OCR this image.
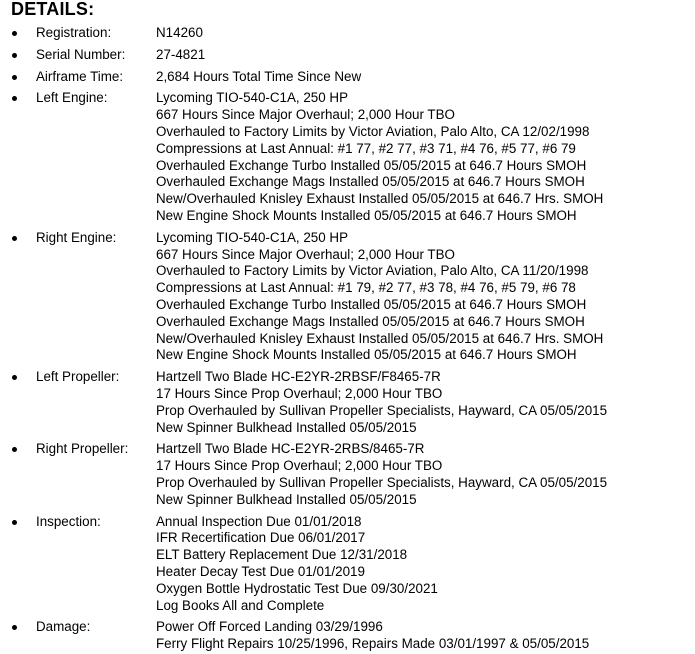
DETAILS:
Registration:	N14260
Serial Number: 27-4821
Airframe Time: 2,684 Hours Total Time Since New
Left Engine:	Lycoming TIO-540-C1A, 250 HP
667 Hours Since Major Overhaul; 2,000 Hour TBO
Overhauled to Factory Limits by Victor Aviation, Palo Alto, CA 12/02/1998
Compressions at Last Annual: #1 77, #2 77, #3 71, #4 76, #5 77, #6 79
Overhauled Exchange Turbo Installed 05/05/2015 at 646.7 Hours SMOH
Overhauled Exchange Mags Installed 05/05/2015 at 646.7 Hours SMOH
New/Overhauled Knisley Exhaust Installed 05/05/2015 at 646.7 Hrs. SMOH
New Engine Shock Mounts Installed 05/05/2015 at 646.7 Hours SMOH
Right Engine:	Lycoming TIO-540-C1A, 250 HP
667 Hours Since Major Overhaul; 2,000 Hour TBO
Overhauled to Factory Limits by Victor Aviation, Palo Alto, CA 11/20/1998
Compressions at Last Annual: #1 79, #2 77, #3 78, #4 76, #5 79, #6 78
Overhauled Exchange Turbo Installed 05/05/2015 at 646.7 Hours SMOH
Overhauled Exchange Mags Installed 05/05/2015 at 646.7 Hours SMOH
New/Overhauled Knisley Exhaust Installed 05/05/2015 at 646.7 Hrs. SMOH
New Engine Shock Mounts Installed 05/05/2015 at 646.7 Hours SMOH
Left Propeller:	Hartzell Two Blade HC-E2YR-2RBSF/F8465-7R
17 Hours Since Prop Overhaul; 2,000 Hour TBO
Prop Overhauled by Sullivan Propeller Specialists, Hayward, CA 05/05/2015
New Spinner Bulkhead Installed 05/05/2015
Right Propeller: Hartzell Two Blade HC-E2YR-2RBS/8465-7R
17 Hours Since Prop Overhaul; 2,000 Hour TBO
Prop Overhauled by Sullivan Propeller Specialists, Hayward, CA 05/05/2015
New Spinner Bulkhead Installed 05/05/2015
Inspection:	Annual Inspection Due 01/01/2018
IFR Recertification Due 06/01/2017
ELT Battery Replacement Due 12/31/2018
Heater Decay Test Due 01/01/2019
Oxygen Bottle Hydrostatic Test Due 09/30/2021
Log Books All and Complete
Damage:	Power Off Forced Landing 03/29/1996
Ferry Flight Repairs 10/25/1996, Repairs Made 03/01/1997 & 05/05/2015
